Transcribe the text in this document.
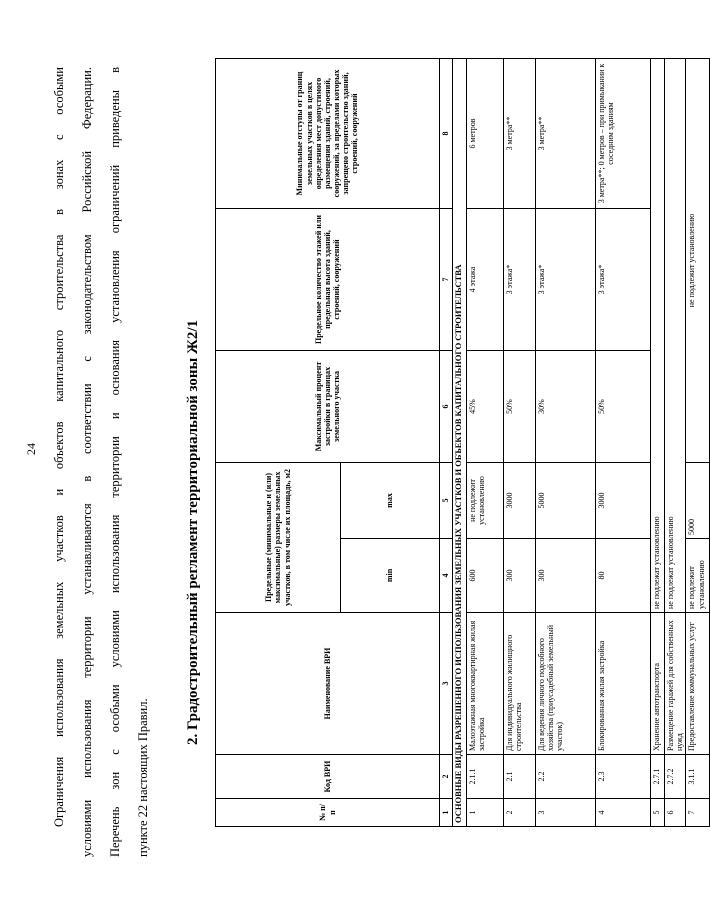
24 Ограничения использования земельных участков и объектов капитального строительства в зонах с особыми условиями использования территории устанавливаются в соответствии с законодательством Российской Федерации. Перечень зон с особыми условиями использования территории и основания установления ограничений приведены в пункте 22 настоящих Правил.
2. Градостроительный регламент территориальной зоны Ж2/1
№ п/п	Код ВРИ	Наименование ВРИ	Предельные (минимальные и (или) максимальные) размеры земельных участков, в том числе их площадь, м2		Максимальный процент застройки в границах земельного участка	Предельное количество этажей или предельная высота зданий, строений, сооружений	Минимальные отступы от границ земельных участков в целях определения мест допустимого размещения зданий, строений, сооружений, за пределами которых запрещено строительство зданий, строений, сооружений
			min	max			
1	2	3	4	5	6	7	8
ОСНОВНЫЕ ВИДЫ РАЗРЕШЕННОГО ИСПОЛЬЗОВАНИЯ ЗЕМЕЛЬНЫХ УЧАСТКОВ И ОБЪЕКТОВ КАПИТАЛЬНОГО СТРОИТЕЛЬСТВА							
1	2.1.1	Малоэтажная многоквартирная жилая застройка	600	не подлежит установлению	45%	4 этажа	6 метров
2	2.1	Для индивидуального жилищного строительства	300	3000	50%	3 этажа*	3 метра**
3	2.2	Для ведения личного подсобного хозяйства (приусадебный земельный участок)	300	5000	30%	3 этажа*	3 метра**
4	2.3	Блокированная жилая застройка	80	3000	50%	3 этажа*	3 метра**; 0 метров – при примыкании к соседним зданиям
5	2.7.1	Хранение автотранспорта	не подлежат установлению				
6	2.7.2	Размещение гаражей для собственных нужд	не подлежат установлению				
7	3.1.1	Предоставление коммунальных услуг	не подлежит установлению	5000	не подлежит установлению		
